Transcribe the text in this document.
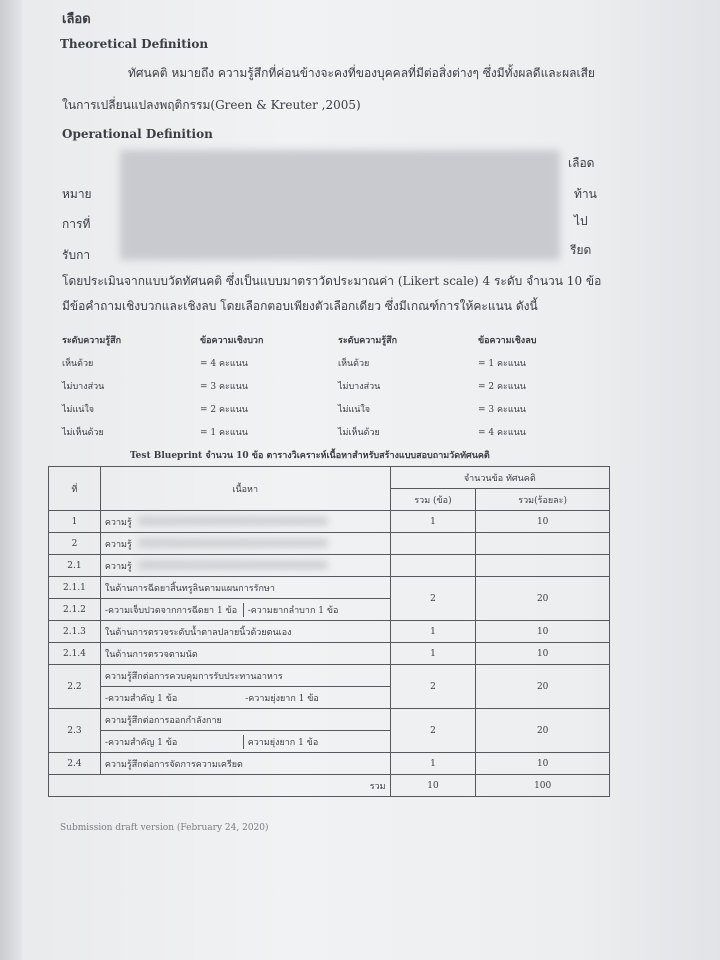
เลือด
Theoretical Definition
ทัศนคติ หมายถึง ความรู้สึกที่ค่อนข้างจะคงที่ของบุคคลที่มีต่อสิ่งต่างๆ ซึ่งมีทั้งผลดีและผลเสีย
ในการเปลี่ยนแปลงพฤติกรรม(Green & Kreuter ,2005)
Operational Definition
เลือด
หมาย	ท้าน
การที่	ไป
รับกา	รียด
โดยประเมินจากแบบวัดทัศนคติ ซึ่งเป็นแบบมาตราวัดประมาณค่า (Likert scale) 4 ระดับ จำนวน 10 ข้อ
มีข้อคำถามเชิงบวกและเชิงลบ โดยเลือกตอบเพียงตัวเลือกเดียว ซึ่งมีเกณฑ์การให้คะแนน ดังนี้
ระดับความรู้สึก	ข้อความเชิงบวก	ระดับความรู้สึก	ข้อความเชิงลบ
เห็นด้วย	= 4 คะแนน	เห็นด้วย	= 1 คะแนน
ไม่บางส่วน	= 3 คะแนน	ไม่บางส่วน	= 2 คะแนน
ไม่แน่ใจ	= 2 คะแนน	ไม่แน่ใจ	= 3 คะแนน
ไม่เห็นด้วย	= 1 คะแนน	ไม่เห็นด้วย	= 4 คะแนน
Test Blueprint จำนวน 10 ข้อ ตารางวิเคราะห์เนื้อหาสำหรับสร้างแบบสอบถามวัดทัศนคติ
ที่	เนื้อหา	จำนวนข้อ ทัศนคติ	
		รวม (ข้อ)	รวม(ร้อยละ)
1	ความรู้	1	10
2	ความรู้		
2.1	ความรู้		
2.1.1	ในด้านการฉีดยาสิ้นทรูลินตามแผนการรักษา	2	20
2.1.2	-ความเจ็บปวดจากการฉีดยา 1 ข้อ -ความยากลำบาก 1 ข้อ		

2.1.3	ในด้านการตรวจระดับน้ำตาลปลายนิ้วด้วยตนเอง	1	10
2.1.4	ในด้านการตรวจตามนัด	1	10
2.2	ความรู้สึกต่อการควบคุมการรับประทานอาหาร	2	20

	-ความสำคัญ 1 ข้อ -ความยุ่งยาก 1 ข้อ		

2.3	ความรู้สึกต่อการออกกำลังกาย	2	20

	-ความสำคัญ 1 ข้อ ความยุ่งยาก 1 ข้อ		

2.4	ความรู้สึกต่อการจัดการความเครียด	1	10
	รวม	10	100
Submission draft version (February 24, 2020)
